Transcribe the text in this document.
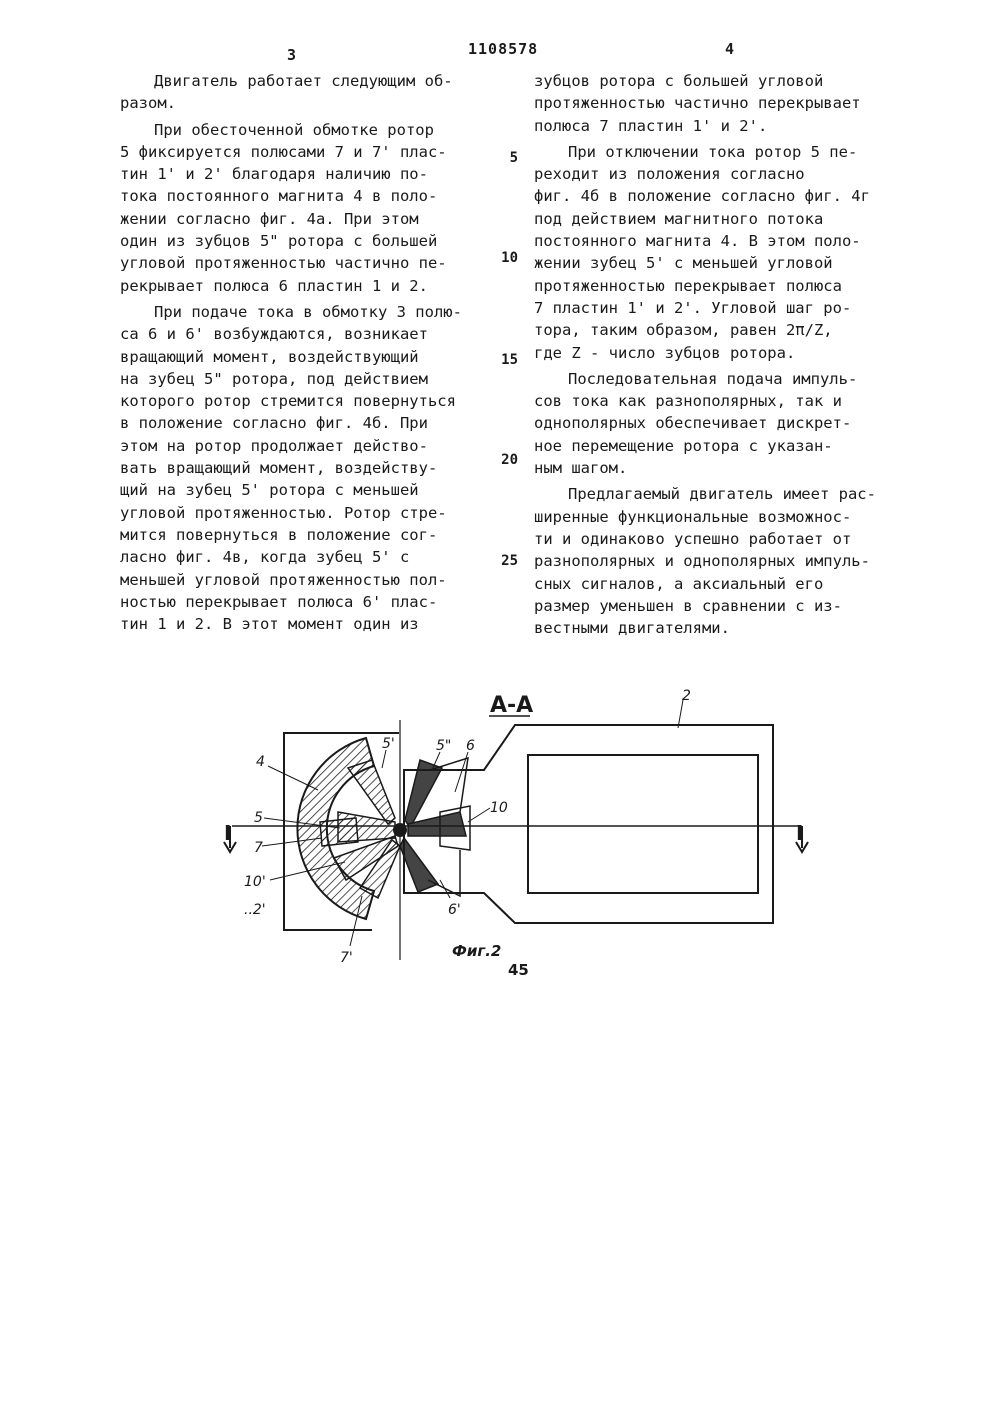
3	1108578	4

Двигатель работает следующим об-

разом.

При обесточенной обмотке ротор

5 фиксируется полюсами 7 и 7' плас-

тин 1' и 2' благодаря наличию по-

тока постоянного магнита 4 в поло-

жении согласно фиг. 4а. При этом

один из зубцов 5" ротора с большей

угловой протяженностью частично пе-

рекрывает полюса 6 пластин 1 и 2.

При подаче тока в обмотку 3 полю-

са 6 и 6' возбуждаются, возникает

вращающий момент, воздействующий

на зубец 5" ротора, под действием

которого ротор стремится повернуться

в положение согласно фиг. 4б. При

этом на ротор продолжает действо-

вать вращающий момент, воздейству-

щий на зубец 5' ротора с меньшей

угловой протяженностью. Ротор стре-

мится повернуться в положение сог-

ласно фиг. 4в, когда зубец 5' с

меньшей угловой протяженностью пол-

ностью перекрывает полюса 6' плас-

тин 1 и 2. В этот момент один из

5
10
15
20
25

зубцов ротора с большей угловой

протяженностью частично перекрывает

полюса 7 пластин 1' и 2'.

При отключении тока ротор 5 пе-

реходит из положения согласно

фиг. 4б в положение согласно фиг. 4г

под действием магнитного потока

постоянного магнита 4. В этом поло-

жении зубец 5' с меньшей угловой

протяженностью перекрывает полюса

7 пластин 1' и 2'. Угловой шаг ро-

тора, таким образом, равен 2π/Z,

где Z - число зубцов ротора.

Последовательная подача импуль-

сов тока как разнополярных, так и

однополярных обеспечивает дискрет-

ное перемещение ротора с указан-

ным шагом.

Предлагаемый двигатель имеет рас-

ширенные функциональные возможнос-

ти и одинаково успешно работает от

разнополярных и однополярных импуль-

сных сигналов, а аксиальный его

размер уменьшен в сравнении с из-

вестными двигателями.

А-А
4
5
7
10'
..2'
5'	5" 6
10
6'
7'
2
I	I
Фиг.2
45
